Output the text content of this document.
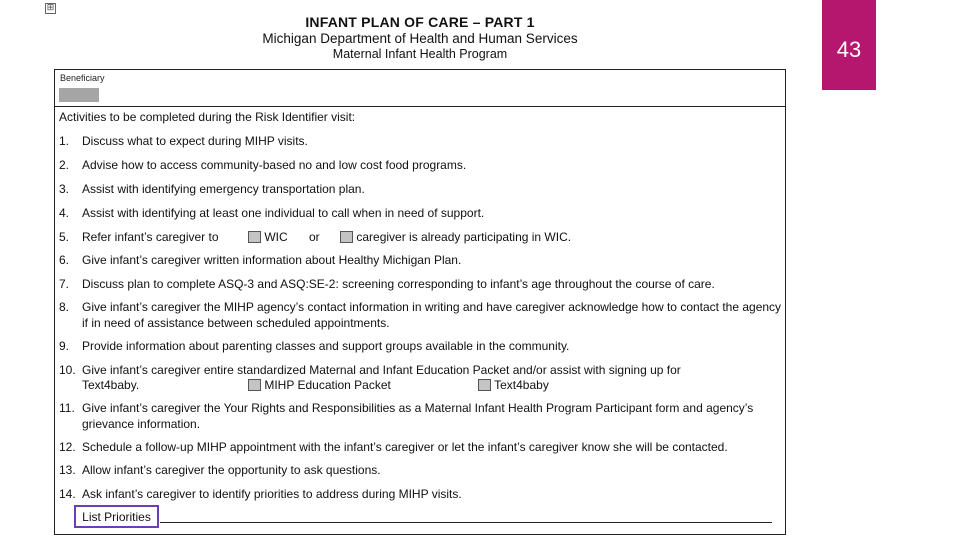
⊞
INFANT PLAN OF CARE – PART 1
Michigan Department of Health and Human Services
Maternal Infant Health Program	43
Beneficiary
Activities to be completed during the Risk Identifier visit:
1. Discuss what to expect during MIHP visits.
2. Advise how to access community-based no and low cost food programs.
3. Assist with identifying emergency transportation plan.
4. Assist with identifying at least one individual to call when in need of support.
5. Refer infant’s caregiver to	WIC or	caregiver is already participating in WIC.
6. Give infant’s caregiver written information about Healthy Michigan Plan.
7. Discuss plan to complete ASQ-3 and ASQ:SE-2: screening corresponding to infant’s age throughout the course of care.
8. Give infant’s caregiver the MIHP agency’s contact information in writing and have caregiver acknowledge how to contact the agency if in need of assistance between scheduled appointments.
9. Provide information about parenting classes and support groups available in the community.
10. Give infant’s caregiver entire standardized Maternal and Infant Education Packet and/or assist with signing up for
Text4baby.	MIHP Education Packet	Text4baby
11. Give infant’s caregiver the Your Rights and Responsibilities as a Maternal Infant Health Program Participant form and agency’s grievance information.
12. Schedule a follow-up MIHP appointment with the infant’s caregiver or let the infant’s caregiver know she will be contacted.
13. Allow infant’s caregiver the opportunity to ask questions.
14. Ask infant’s caregiver to identify priorities to address during MIHP visits.
List Priorities
